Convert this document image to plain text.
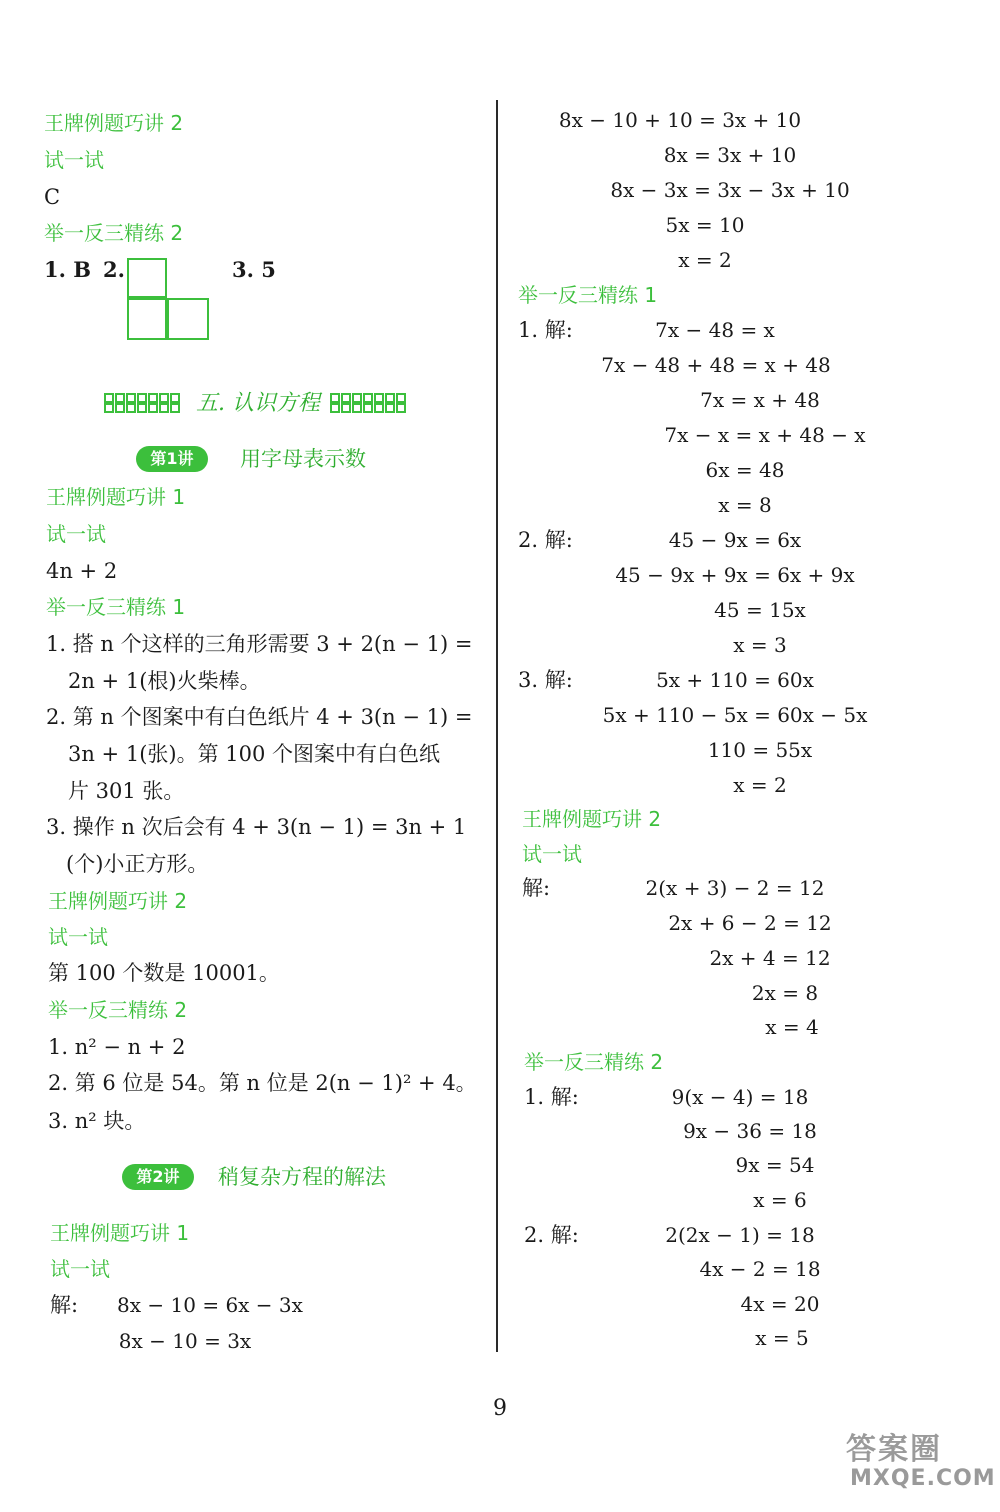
王牌例题巧讲 2
试一试
C
举一反三精练 2
1. B 2.	3. 5
五. 认识方程
第1讲	用字母表示数
王牌例题巧讲 1
试一试
4n + 2
举一反三精练 1
1. 搭 n 个这样的三角形需要 3 + 2(n − 1) =
2n + 1(根)火柴棒。
2. 第 n 个图案中有白色纸片 4 + 3(n − 1) =
3n + 1(张)。第 100 个图案中有白色纸
片 301 张。
3. 操作 n 次后会有 4 + 3(n − 1) = 3n + 1
(个)小正方形。
王牌例题巧讲 2
试一试
第 100 个数是 10001。
举一反三精练 2
1. n² − n + 2
2. 第 6 位是 54。第 n 位是 2(n − 1)² + 4。
3. n² 块。
第2讲	稍复杂方程的解法
王牌例题巧讲 1
试一试
解:	8x − 10 = 6x − 3x
8x − 10 = 3x
8x − 10 + 10 = 3x + 10
8x = 3x + 10
8x − 3x = 3x − 3x + 10
5x = 10
x = 2
举一反三精练 1
1. 解:	7x − 48 = x
7x − 48 + 48 = x + 48
7x = x + 48
7x − x = x + 48 − x
6x = 48
x = 8
2. 解:	45 − 9x = 6x
45 − 9x + 9x = 6x + 9x
45 = 15x
x = 3
3. 解:	5x + 110 = 60x
5x + 110 − 5x = 60x − 5x
110 = 55x
x = 2
王牌例题巧讲 2
试一试
解:	2(x + 3) − 2 = 12
2x + 6 − 2 = 12
2x + 4 = 12
2x = 8
x = 4
举一反三精练 2
1. 解:	9(x − 4) = 18
9x − 36 = 18
9x = 54
x = 6
2. 解:	2(2x − 1) = 18
4x − 2 = 18
4x = 20
x = 5
9
答案圈
MXQE.COM
